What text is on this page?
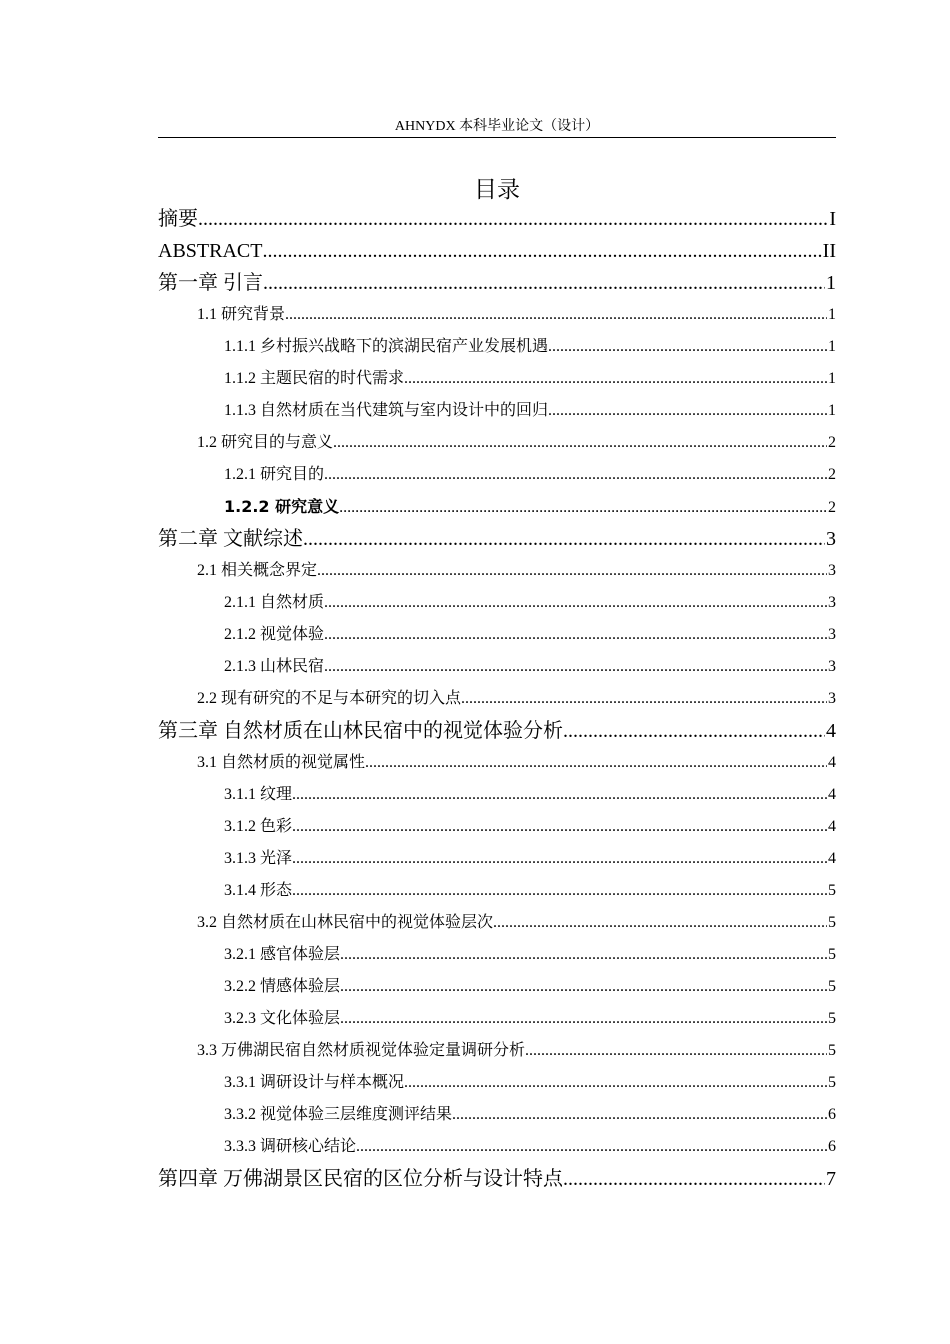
AHNYDX 本科毕业论文（设计）
目录
摘要 .....	I
ABSTRACT .....	II
第一章 引言 .....	1
1.1 研究背景 .....	1
1.1.1 乡村振兴战略下的滨湖民宿产业发展机遇 .....	1
1.1.2 主题民宿的时代需求 .....	1
1.1.3 自然材质在当代建筑与室内设计中的回归 .....	1
1.2 研究目的与意义 .....	2
1.2.1 研究目的 .....	2
1.2.2 研究意义 .....	2
第二章 文献综述 .....	3
2.1 相关概念界定 .....	3
2.1.1 自然材质 .....	3
2.1.2 视觉体验 .....	3
2.1.3 山林民宿 .....	3
2.2 现有研究的不足与本研究的切入点 .....	3
第三章 自然材质在山林民宿中的视觉体验分析 .....	4
3.1 自然材质的视觉属性 .....	4
3.1.1 纹理 .....	4
3.1.2 色彩 .....	4
3.1.3 光泽 .....	4
3.1.4 形态 .....	5
3.2 自然材质在山林民宿中的视觉体验层次 .....	5
3.2.1 感官体验层 .....	5
3.2.2 情感体验层 .....	5
3.2.3 文化体验层 .....	5
3.3 万佛湖民宿自然材质视觉体验定量调研分析 .....	5
3.3.1 调研设计与样本概况 .....	5
3.3.2 视觉体验三层维度测评结果 .....	6
3.3.3 调研核心结论 .....	6
第四章 万佛湖景区民宿的区位分析与设计特点 .....	7
